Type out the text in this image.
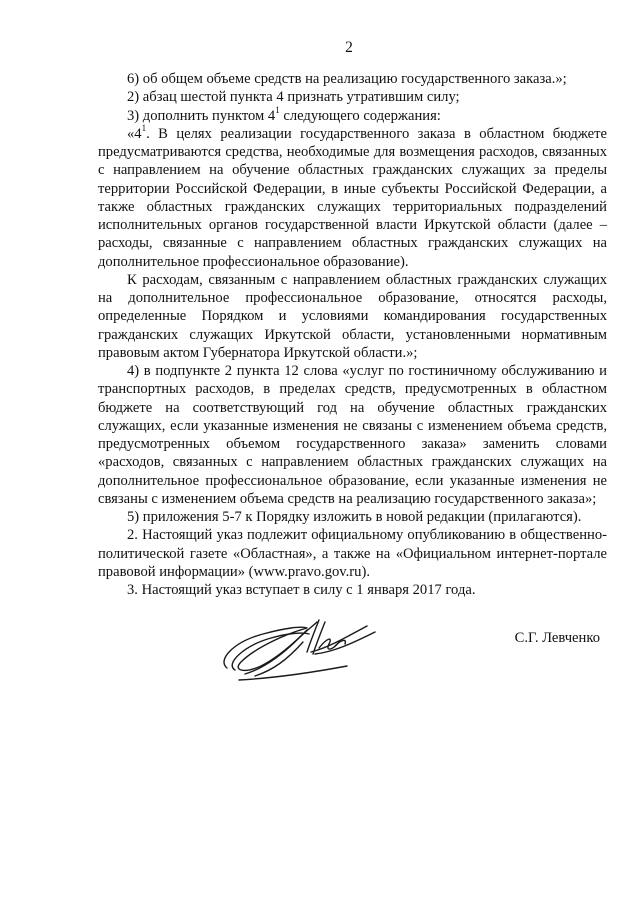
2

6) об общем объеме средств на реализацию государственного заказа.»;

2) абзац шестой пункта 4 признать утратившим силу;

3) дополнить пунктом $4^1$ следующего содержания:

«$4^1$. В целях реализации государственного заказа в областном бюджете предусматриваются средства, необходимые для возмещения расходов, связанных с направлением на обучение областных гражданских служащих за пределы территории Российской Федерации, в иные субъекты Российской Федерации, а также областных гражданских служащих территориальных подразделений исполнительных органов государственной власти Иркутской области (далее – расходы, связанные с направлением областных гражданских служащих на дополнительное профессиональное образование).

К расходам, связанным с направлением областных гражданских служащих на дополнительное профессиональное образование, относятся расходы, определенные Порядком и условиями командирования государственных гражданских служащих Иркутской области, установленными нормативным правовым актом Губернатора Иркутской области.»;

4) в подпункте 2 пункта 12 слова «услуг по гостиничному обслуживанию и транспортных расходов, в пределах средств, предусмотренных в областном бюджете на соответствующий год на обучение областных гражданских служащих, если указанные изменения не связаны с изменением объема средств, предусмотренных объемом государственного заказа» заменить словами «расходов, связанных с направлением областных гражданских служащих на дополнительное профессиональное образование, если указанные изменения не связаны с изменением объема средств на реализацию государственного заказа»;

5) приложения 5-7 к Порядку изложить в новой редакции (прилагаются).

2. Настоящий указ подлежит официальному опубликованию в общественно-политической газете «Областная», а также на «Официальном интернет-портале правовой информации» (www.pravo.gov.ru).

3. Настоящий указ вступает в силу с 1 января 2017 года.

С.Г. Левченко
